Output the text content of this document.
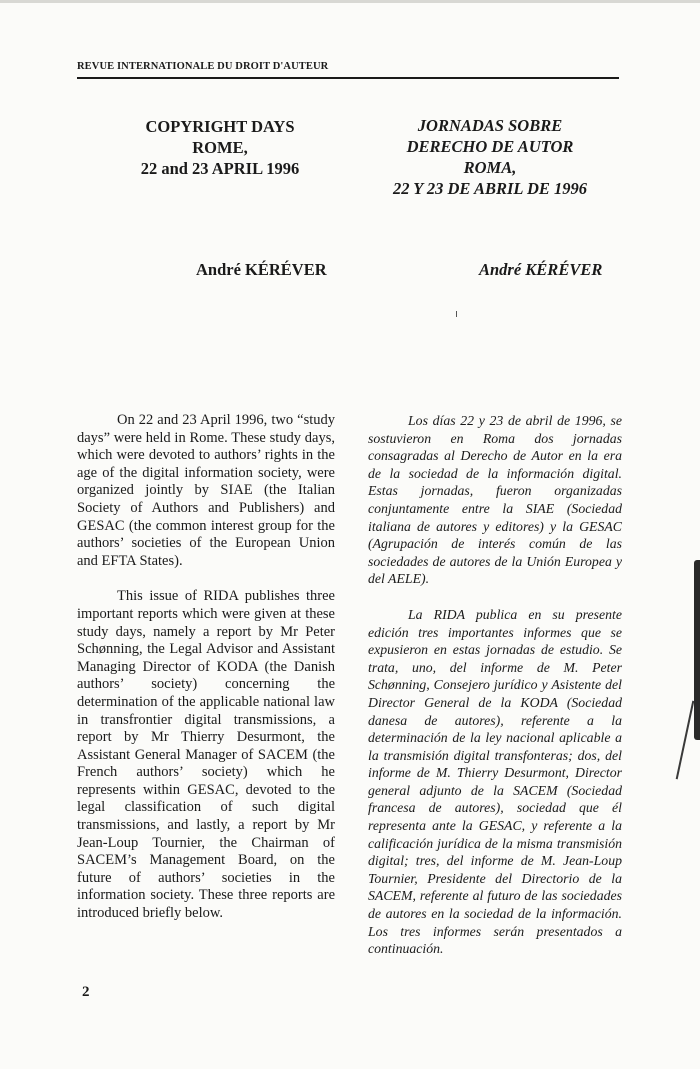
REVUE INTERNATIONALE DU DROIT D'AUTEUR
COPYRIGHT DAYS
ROME,
22 and 23 APRIL 1996
JORNADAS SOBRE
DERECHO DE AUTOR
ROMA,
22 Y 23 DE ABRIL DE 1996
André KÉRÉVER	André KÉRÉVER

On 22 and 23 April 1996, two “study days” were held in Rome. These study days, which were devoted to authors’ rights in the age of the digital information society, were organized jointly by SIAE (the Italian Society of Authors and Publishers) and GESAC (the common interest group for the authors’ societies of the European Union and EFTA States).

This issue of RIDA publishes three important reports which were given at these study days, namely a report by Mr Peter Schønning, the Legal Advisor and Assistant Managing Director of KODA (the Danish authors’ society) concerning the determination of the applicable national law in transfrontier digital transmissions, a report by Mr Thierry Desurmont, the Assistant General Manager of SACEM (the French authors’ society) which he represents within GESAC, devoted to the legal classification of such digital transmissions, and lastly, a report by Mr Jean-Loup Tournier, the Chairman of SACEM’s Management Board, on the future of authors’ societies in the information society. These three reports are introduced briefly below.

Los días 22 y 23 de abril de 1996, se sostuvieron en Roma dos jornadas consagradas al Derecho de Autor en la era de la sociedad de la información digital. Estas jornadas, fueron organizadas conjuntamente entre la SIAE (Sociedad italiana de autores y editores) y la GESAC (Agrupación de interés común de las sociedades de autores de la Unión Europea y del AELE).

La RIDA publica en su presente edición tres importantes informes que se expusieron en estas jornadas de estudio. Se trata, uno, del informe de M. Peter Schønning, Consejero jurídico y Asistente del Director General de la KODA (Sociedad danesa de autores), referente a la determinación de la ley nacional aplicable a la transmisión digital transfonteras; dos, del informe de M. Thierry Desurmont, Director general adjunto de la SACEM (Sociedad francesa de autores), sociedad que él representa ante la GESAC, y referente a la calificación jurídica de la misma transmisión digital; tres, del informe de M. Jean-Loup Tournier, Presidente del Directorio de la SACEM, referente al futuro de las sociedades de autores en la sociedad de la información. Los tres informes serán presentados a continuación.

2
